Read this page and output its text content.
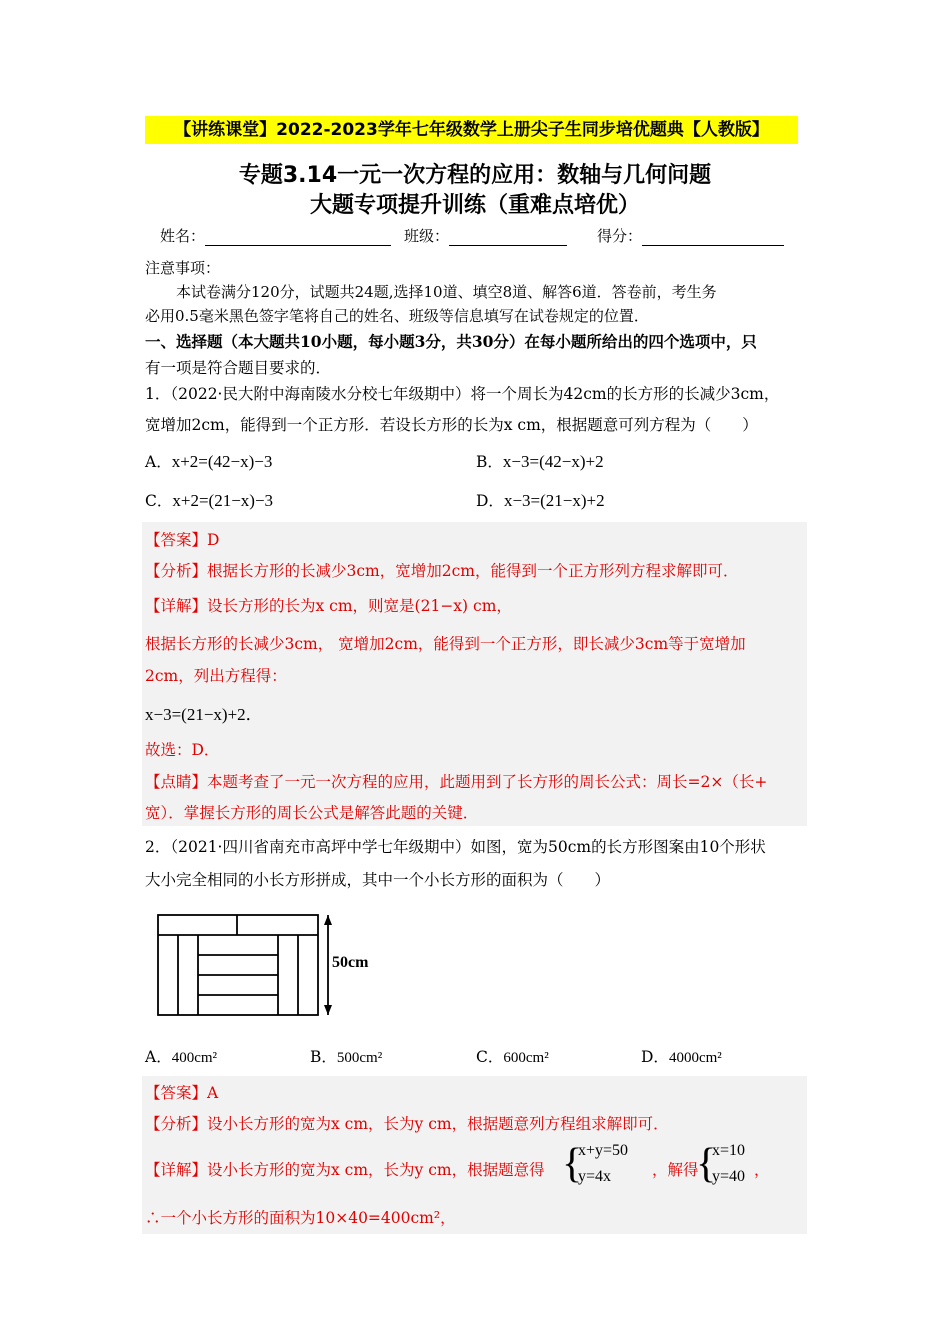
【讲练课堂】2022-2023学年七年级数学上册尖子生同步培优题典【人教版】
专题3.14一元一次方程的应用：数轴与几何问题
大题专项提升训练（重难点培优）
姓名：	班级：	得分：
注意事项：
本试卷满分120分，试题共24题,选择10道、填空8道、解答6道．答卷前，考生务
必用0.5毫米黑色签字笔将自己的姓名、班级等信息填写在试卷规定的位置．
一、选择题（本大题共10小题，每小题3分，共30分）在每小题所给出的四个选项中，只
有一项是符合题目要求的．
1．（2022·民大附中海南陵水分校七年级期中）将一个周长为42cm的长方形的长减少3cm，
宽增加2cm，能得到一个正方形．若设长方形的长为x cm，根据题意可列方程为（　　）
A．x+2=(42−x)−3	B．x−3=(42−x)+2
C．x+2=(21−x)−3	D．x−3=(21−x)+2
【答案】D
【分析】根据长方形的长减少3cm，宽增加2cm，能得到一个正方形列方程求解即可．
【详解】设长方形的长为x cm，则宽是(21−x) cm，
根据长方形的长减少3cm， 宽增加2cm，能得到一个正方形，即长减少3cm等于宽增加
2cm，列出方程得：
x−3=(21−x)+2．
故选：D．
【点睛】本题考查了一元一次方程的应用，此题用到了长方形的周长公式：周长=2×（长+
宽）．掌握长方形的周长公式是解答此题的关键．
2．（2021·四川省南充市高坪中学七年级期中）如图，宽为50cm的长方形图案由10个形状
大小完全相同的小长方形拼成，其中一个小长方形的面积为（　　）
50cm
A．400cm²	B．500cm²	C．600cm²	D．4000cm²
【答案】A
【分析】设小长方形的宽为x cm，长为y cm，根据题意列方程组求解即可．
【详解】设小长方形的宽为x cm，长为y cm，根据题意得 {
x+y=50
y=4x	，解得
{
x=10
y=40 ，
∴一个小长方形的面积为10×40=400cm²，
